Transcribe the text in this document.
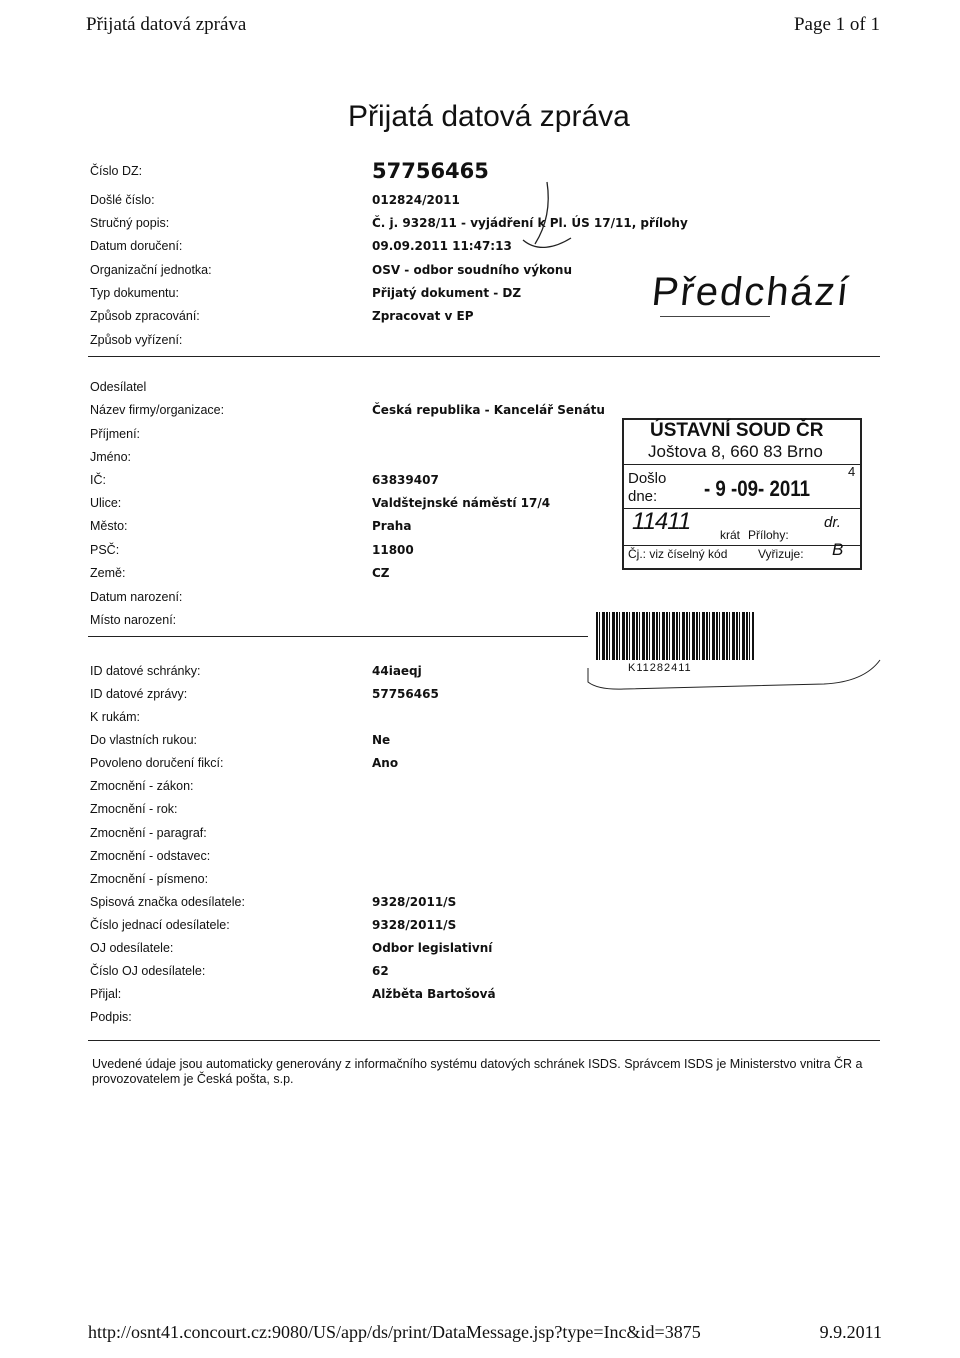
Přijatá datová zpráva	Page 1 of 1
Přijatá datová zpráva
Číslo DZ:	57756465
Došlé číslo:	012824/2011
Stručný popis:	Č. j. 9328/11 - vyjádření k Pl. ÚS 17/11, přílohy
Datum doručení:	09.09.2011 11:47:13
Organizační jednotka:	OSV - odbor soudního výkonu
Typ dokumentu:	Přijatý dokument - DZ
Způsob zpracování:	Zpracovat v EP
Způsob vyřízení:
Předchází
Odesílatel
Název firmy/organizace:	Česká republika - Kancelář Senátu
Příjmení:
Jméno:
IČ:	63839407
Ulice:	Valdštejnské náměstí 17/4
Město:	Praha
PSČ:	11800
Země:	CZ
Datum narození:
Místo narození:
ÚSTAVNÍ SOUD ČR
Joštova 8, 660 83 Brno
4
Došlo
dne: - 9 -09- 2011
11411 krát Přílohy:
dr.
Čj.: viz číselný kód	Vyřizuje: B
K11282411
ID datové schránky:	44iaeqj
ID datové zprávy:	57756465
K rukám:
Do vlastních rukou:	Ne
Povoleno doručení fikcí:	Ano
Zmocnění - zákon:
Zmocnění - rok:
Zmocnění - paragraf:
Zmocnění - odstavec:
Zmocnění - písmeno:
Spisová značka odesílatele:	9328/2011/S
Číslo jednací odesílatele:	9328/2011/S
OJ odesílatele:	Odbor legislativní
Číslo OJ odesílatele:	62
Přijal:	Alžběta Bartošová
Podpis:
Uvedené údaje jsou automaticky generovány z informačního systému datových schránek ISDS. Správcem ISDS je Ministerstvo vnitra ČR a provozovatelem je Česká pošta, s.p.
http://osnt41.concourt.cz:9080/US/app/ds/print/DataMessage.jsp?type=Inc&id=3875	9.9.2011
